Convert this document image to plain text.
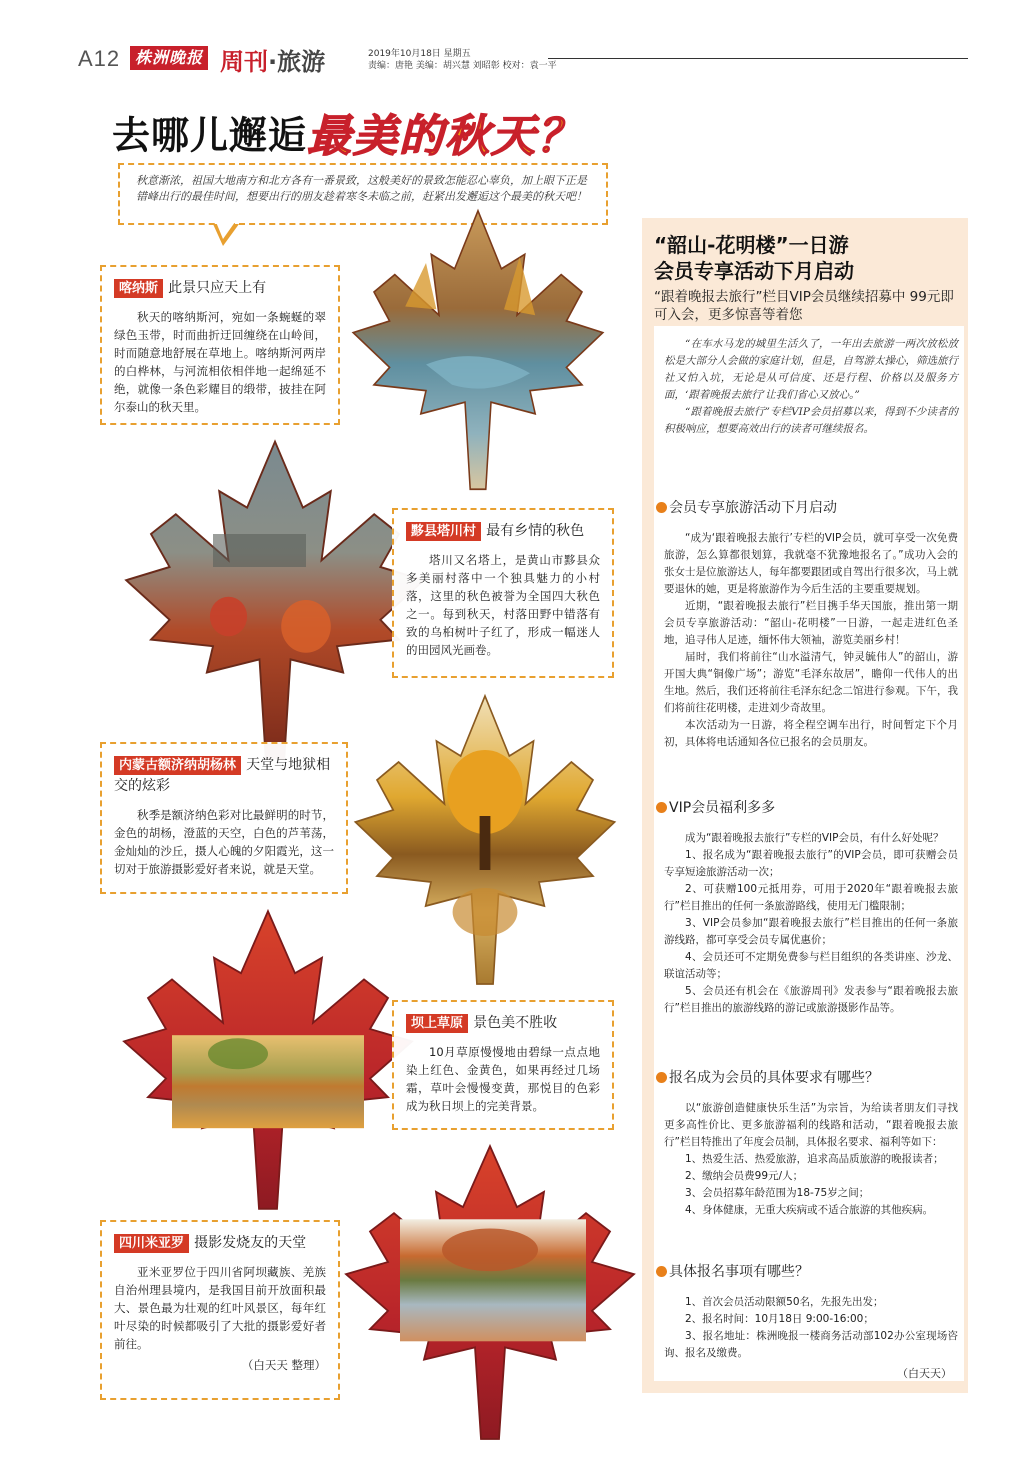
A12 株洲晚报 周刊·旅游	2019年10月18日 星期五
责编：唐艳 美编：胡兴慧 刘昭彰 校对：袁一平
去哪儿邂逅最美的秋天？
秋意渐浓，祖国大地南方和北方各有一番景致，这般美好的景致怎能忍心辜负，加上眼下正是错峰出行的最佳时间，想要出行的朋友趁着寒冬未临之前，赶紧出发邂逅这个最美的秋天吧！
喀纳斯 此景只应天上有

秋天的喀纳斯河，宛如一条蜿蜒的翠绿色玉带，时而曲折迂回缠绕在山岭间，时而随意地舒展在草地上。喀纳斯河两岸的白桦林，与河流相依相伴地一起绵延不绝，就像一条色彩耀目的缎带，披挂在阿尔泰山的秋天里。

黟县塔川村 最有乡情的秋色

塔川又名塔上，是黄山市黟县众多美丽村落中一个独具魅力的小村落，这里的秋色被誉为全国四大秋色之一。每到秋天，村落田野中错落有致的乌桕树叶子红了，形成一幅迷人的田园风光画卷。

内蒙古额济纳胡杨林 天堂与地狱相交的炫彩

秋季是额济纳色彩对比最鲜明的时节，金色的胡杨，澄蓝的天空，白色的芦苇荡，金灿灿的沙丘，摄人心魄的夕阳霞光，这一切对于旅游摄影爱好者来说，就是天堂。

坝上草原 景色美不胜收

10月草原慢慢地由碧绿一点点地染上红色、金黄色，如果再经过几场霜，草叶会慢慢变黄，那悦目的色彩成为秋日坝上的完美背景。

四川米亚罗 摄影发烧友的天堂

亚米亚罗位于四川省阿坝藏族、羌族自治州理县境内，是我国目前开放面积最大、景色最为壮观的红叶风景区，每年红叶尽染的时候都吸引了大批的摄影爱好者前往。

（白天天 整理）

“韶山-花明楼”一日游
会员专享活动下月启动
“跟着晚报去旅行”栏目VIP会员继续招募中 99元即可入会，更多惊喜等着您

“在车水马龙的城里生活久了，一年出去旅游一两次放松放松是大部分人会做的家庭计划，但是，自驾游太操心，筛选旅行社又怕入坑，无论是从可信度、还是行程、价格以及服务方面，‘跟着晚报去旅行’让我们省心又放心。”

“跟着晚报去旅行”专栏VIP会员招募以来，得到不少读者的积极响应，想要高效出行的读者可继续报名。

会员专享旅游活动下月启动

“成为‘跟着晚报去旅行’专栏的VIP会员，就可享受一次免费旅游，怎么算都很划算，我就毫不犹豫地报名了。”成功入会的张女士是位旅游达人，每年都要跟团或自驾出行很多次，马上就要退休的她，更是将旅游作为今后生活的主要重要规划。

近期，“跟着晚报去旅行”栏目携手华天国旅，推出第一期会员专享旅游活动：“韶山-花明楼”一日游，一起走进红色圣地，追寻伟人足迹，缅怀伟大领袖，游览美丽乡村！

届时，我们将前往“山水溢清气，钟灵毓伟人”的韶山，游开国大典“铜像广场”；游览“毛泽东故居”，瞻仰一代伟人的出生地。然后，我们还将前往毛泽东纪念二馆进行参观。下午，我们将前往花明楼，走进刘少奇故里。

本次活动为一日游，将全程空调车出行，时间暂定下个月初，具体将电话通知各位已报名的会员朋友。

VIP会员福利多多

成为“跟着晚报去旅行”专栏的VIP会员，有什么好处呢？

1、报名成为“跟着晚报去旅行”的VIP会员，即可获赠会员专享短途旅游活动一次；

2、可获赠100元抵用券，可用于2020年“跟着晚报去旅行”栏目推出的任何一条旅游路线，使用无门槛限制；

3、VIP会员参加“跟着晚报去旅行”栏目推出的任何一条旅游线路，都可享受会员专属优惠价；

4、会员还可不定期免费参与栏目组织的各类讲座、沙龙、联谊活动等；

5、会员还有机会在《旅游周刊》发表参与“跟着晚报去旅行”栏目推出的旅游线路的游记或旅游摄影作品等。

报名成为会员的具体要求有哪些？

以“旅游创造健康快乐生活”为宗旨，为给读者朋友们寻找更多高性价比、更多旅游福利的线路和活动，“跟着晚报去旅行”栏目特推出了年度会员制，具体报名要求、福利等如下：

1、热爱生活、热爱旅游，追求高品质旅游的晚报读者；

2、缴纳会员费99元/人；

3、会员招募年龄范围为18-75岁之间；

4、身体健康，无重大疾病或不适合旅游的其他疾病。

具体报名事项有哪些？

1、首次会员活动限额50名，先报先出发；

2、报名时间：10月18日 9:00-16:00；

3、报名地址：株洲晚报一楼商务活动部102办公室现场咨询、报名及缴费。

（白天天）
